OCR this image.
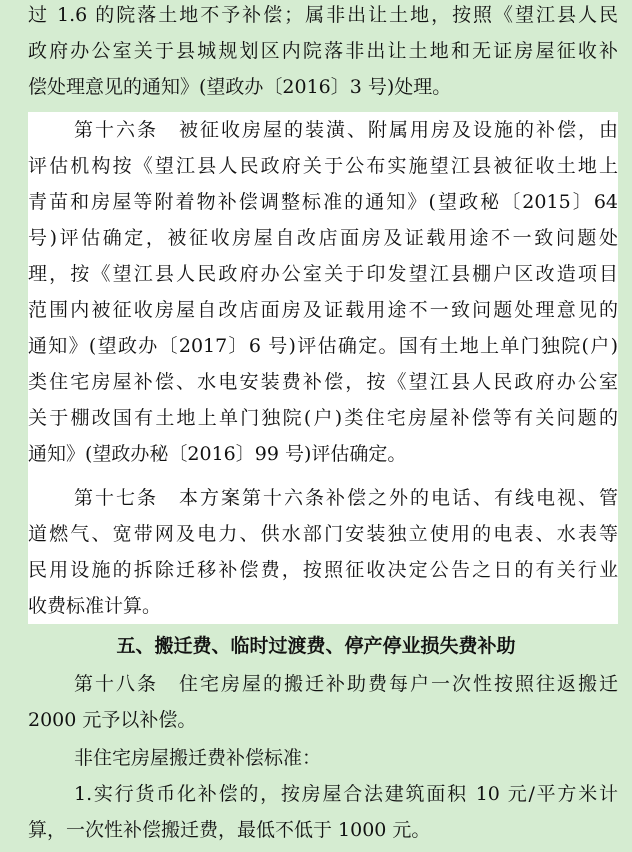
过 1.6 的院落土地不予补偿；属非出让土地，按照《望江县人民
政府办公室关于县城规划区内院落非出让土地和无证房屋征收补
偿处理意见的通知》(望政办〔2016〕3 号)处理。
第十六条　被征收房屋的装潢、附属用房及设施的补偿，由
评估机构按《望江县人民政府关于公布实施望江县被征收土地上
青苗和房屋等附着物补偿调整标准的通知》(望政秘〔2015〕64
号)评估确定，被征收房屋自改店面房及证载用途不一致问题处
理，按《望江县人民政府办公室关于印发望江县棚户区改造项目
范围内被征收房屋自改店面房及证载用途不一致问题处理意见的
通知》(望政办〔2017〕6 号)评估确定。国有土地上单门独院(户)
类住宅房屋补偿、水电安装费补偿，按《望江县人民政府办公室
关于棚改国有土地上单门独院(户)类住宅房屋补偿等有关问题的
通知》(望政办秘〔2016〕99 号)评估确定。
第十七条　本方案第十六条补偿之外的电话、有线电视、管
道燃气、宽带网及电力、供水部门安装独立使用的电表、水表等
民用设施的拆除迁移补偿费，按照征收决定公告之日的有关行业
收费标准计算。
五、搬迁费、临时过渡费、停产停业损失费补助
第十八条　住宅房屋的搬迁补助费每户一次性按照往返搬迁
2000 元予以补偿。
非住宅房屋搬迁费补偿标准：
1.实行货币化补偿的，按房屋合法建筑面积 10 元/平方米计
算，一次性补偿搬迁费，最低不低于 1000 元。
